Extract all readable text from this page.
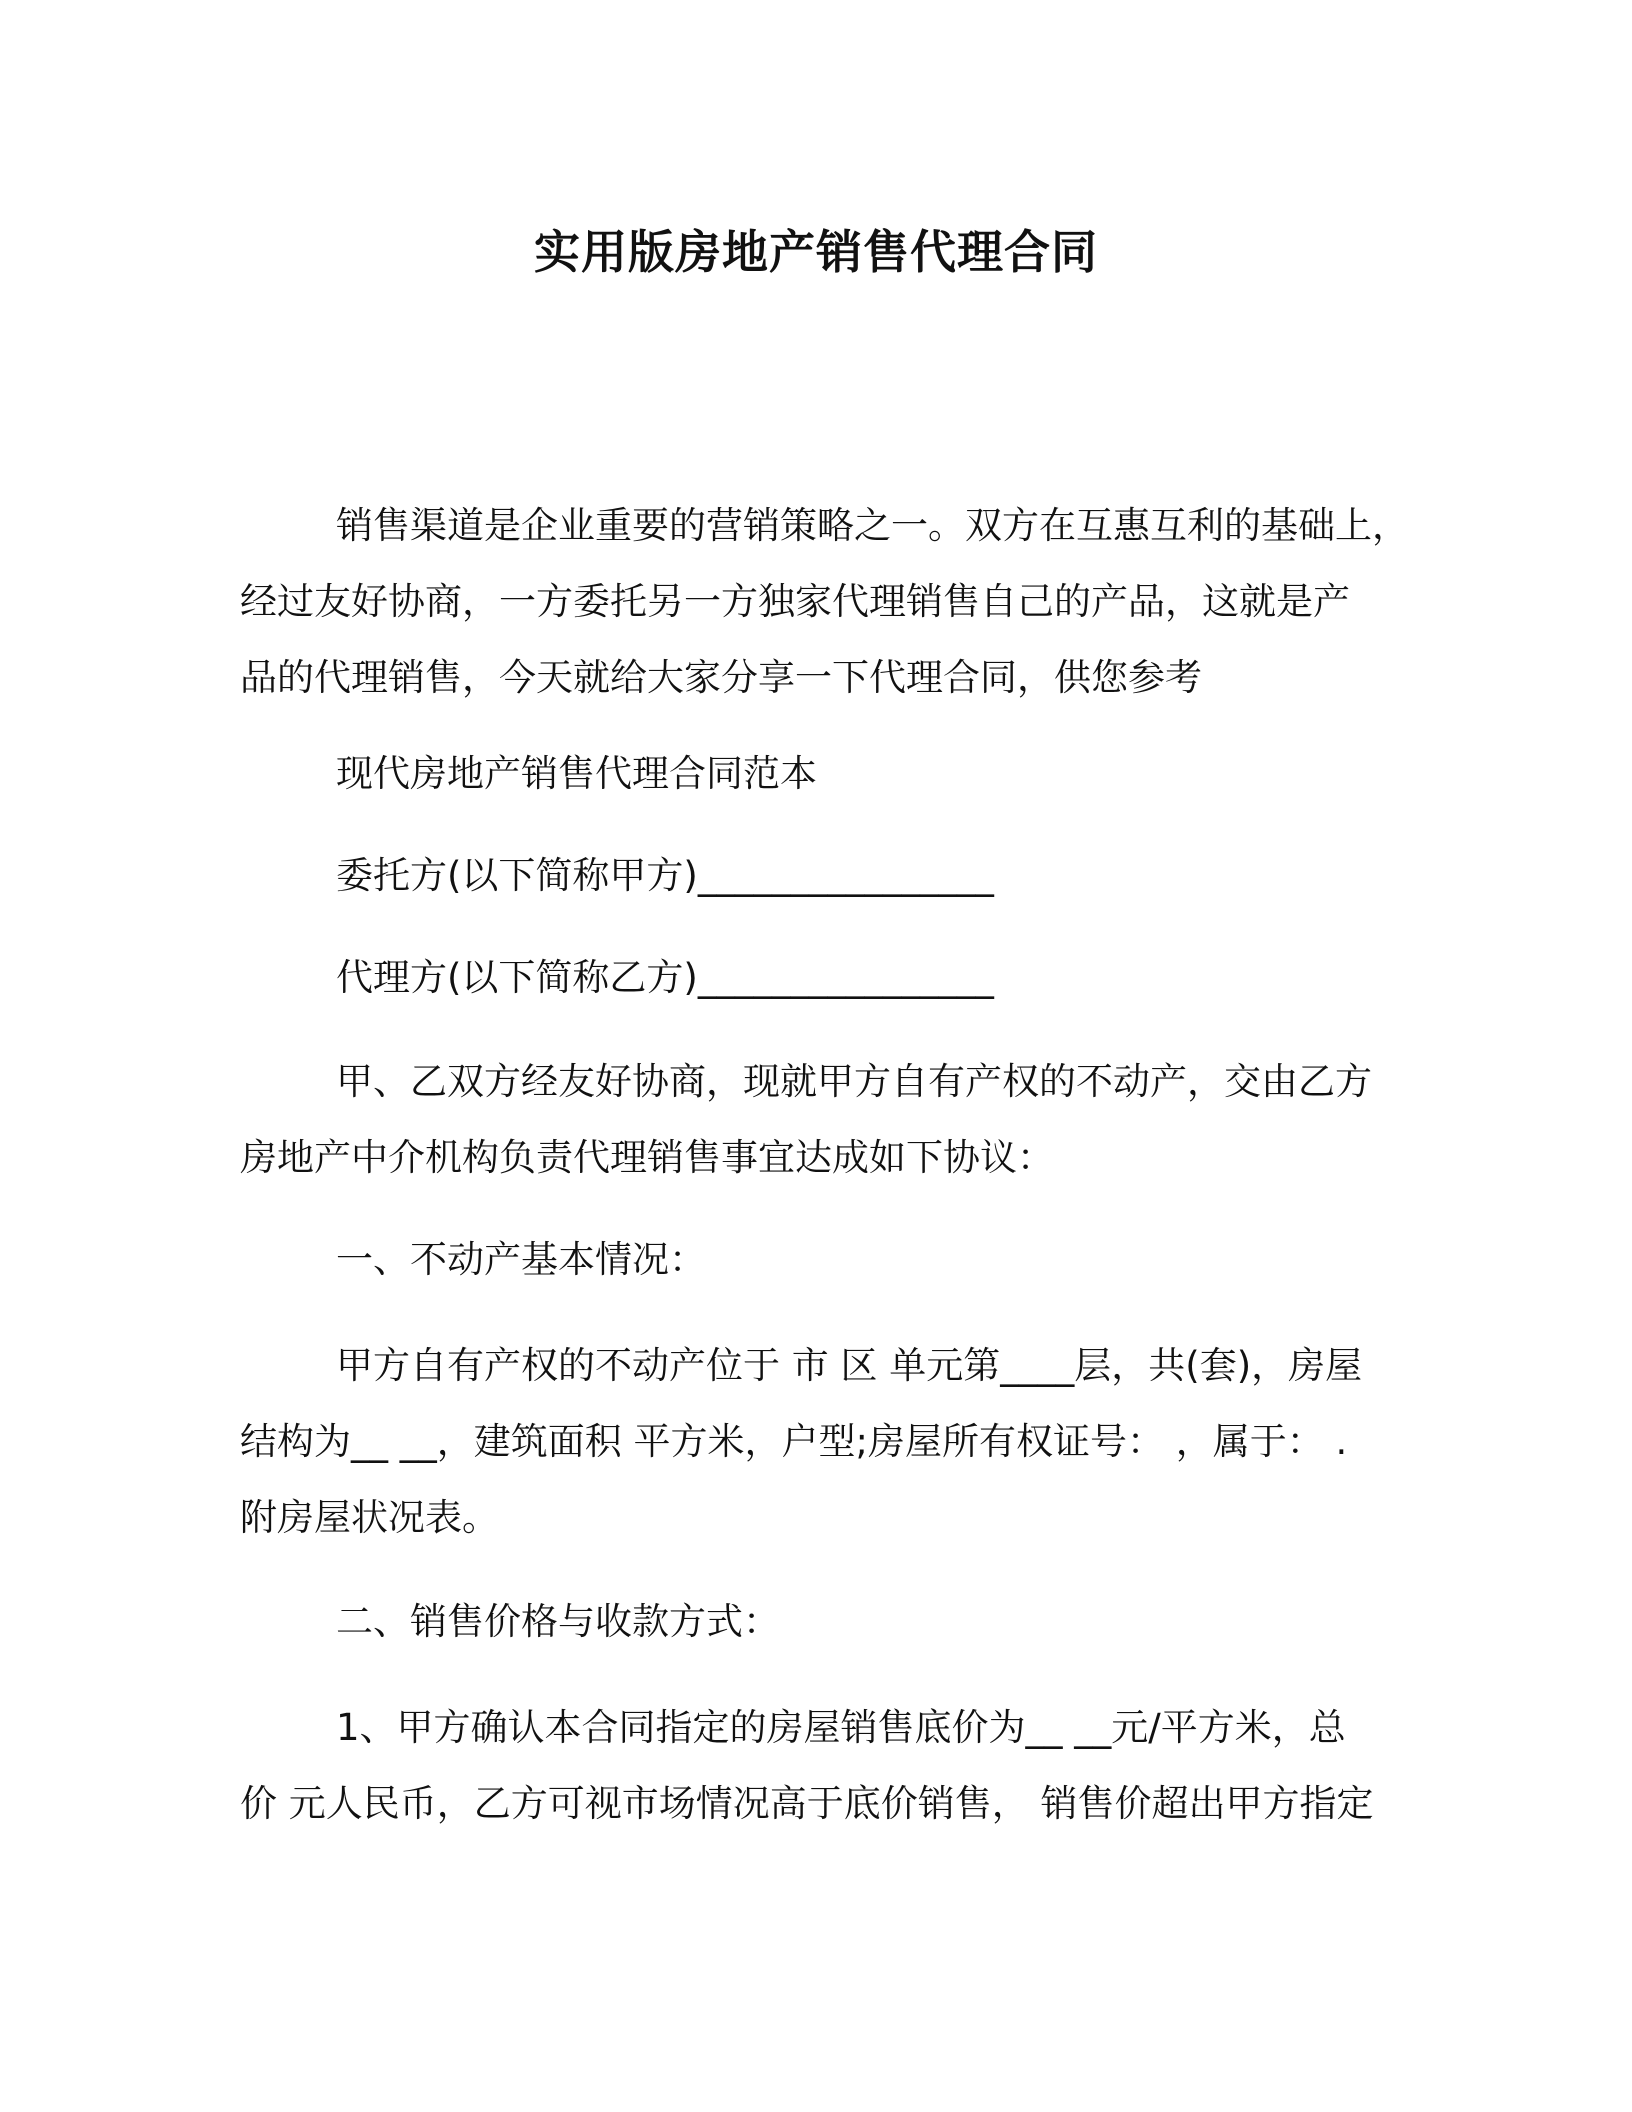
实用版房地产销售代理合同
销售渠道是企业重要的营销策略之一。双方在互惠互利的基础上，
经过友好协商，一方委托另一方独家代理销售自己的产品，这就是产
品的代理销售，今天就给大家分享一下代理合同，供您参考
现代房地产销售代理合同范本
委托方(以下简称甲方)________________
代理方(以下简称乙方)________________
甲、乙双方经友好协商，现就甲方自有产权的不动产，交由乙方
房地产中介机构负责代理销售事宜达成如下协议：
一、不动产基本情况：
甲方自有产权的不动产位于 市 区 单元第____层，共(套)，房屋
结构为__ __，建筑面积 平方米，户型;房屋所有权证号： ，属于： .
附房屋状况表。
二、销售价格与收款方式：
1、甲方确认本合同指定的房屋销售底价为__ __元/平方米，总
价 元人民币，乙方可视市场情况高于底价销售， 销售价超出甲方指定
